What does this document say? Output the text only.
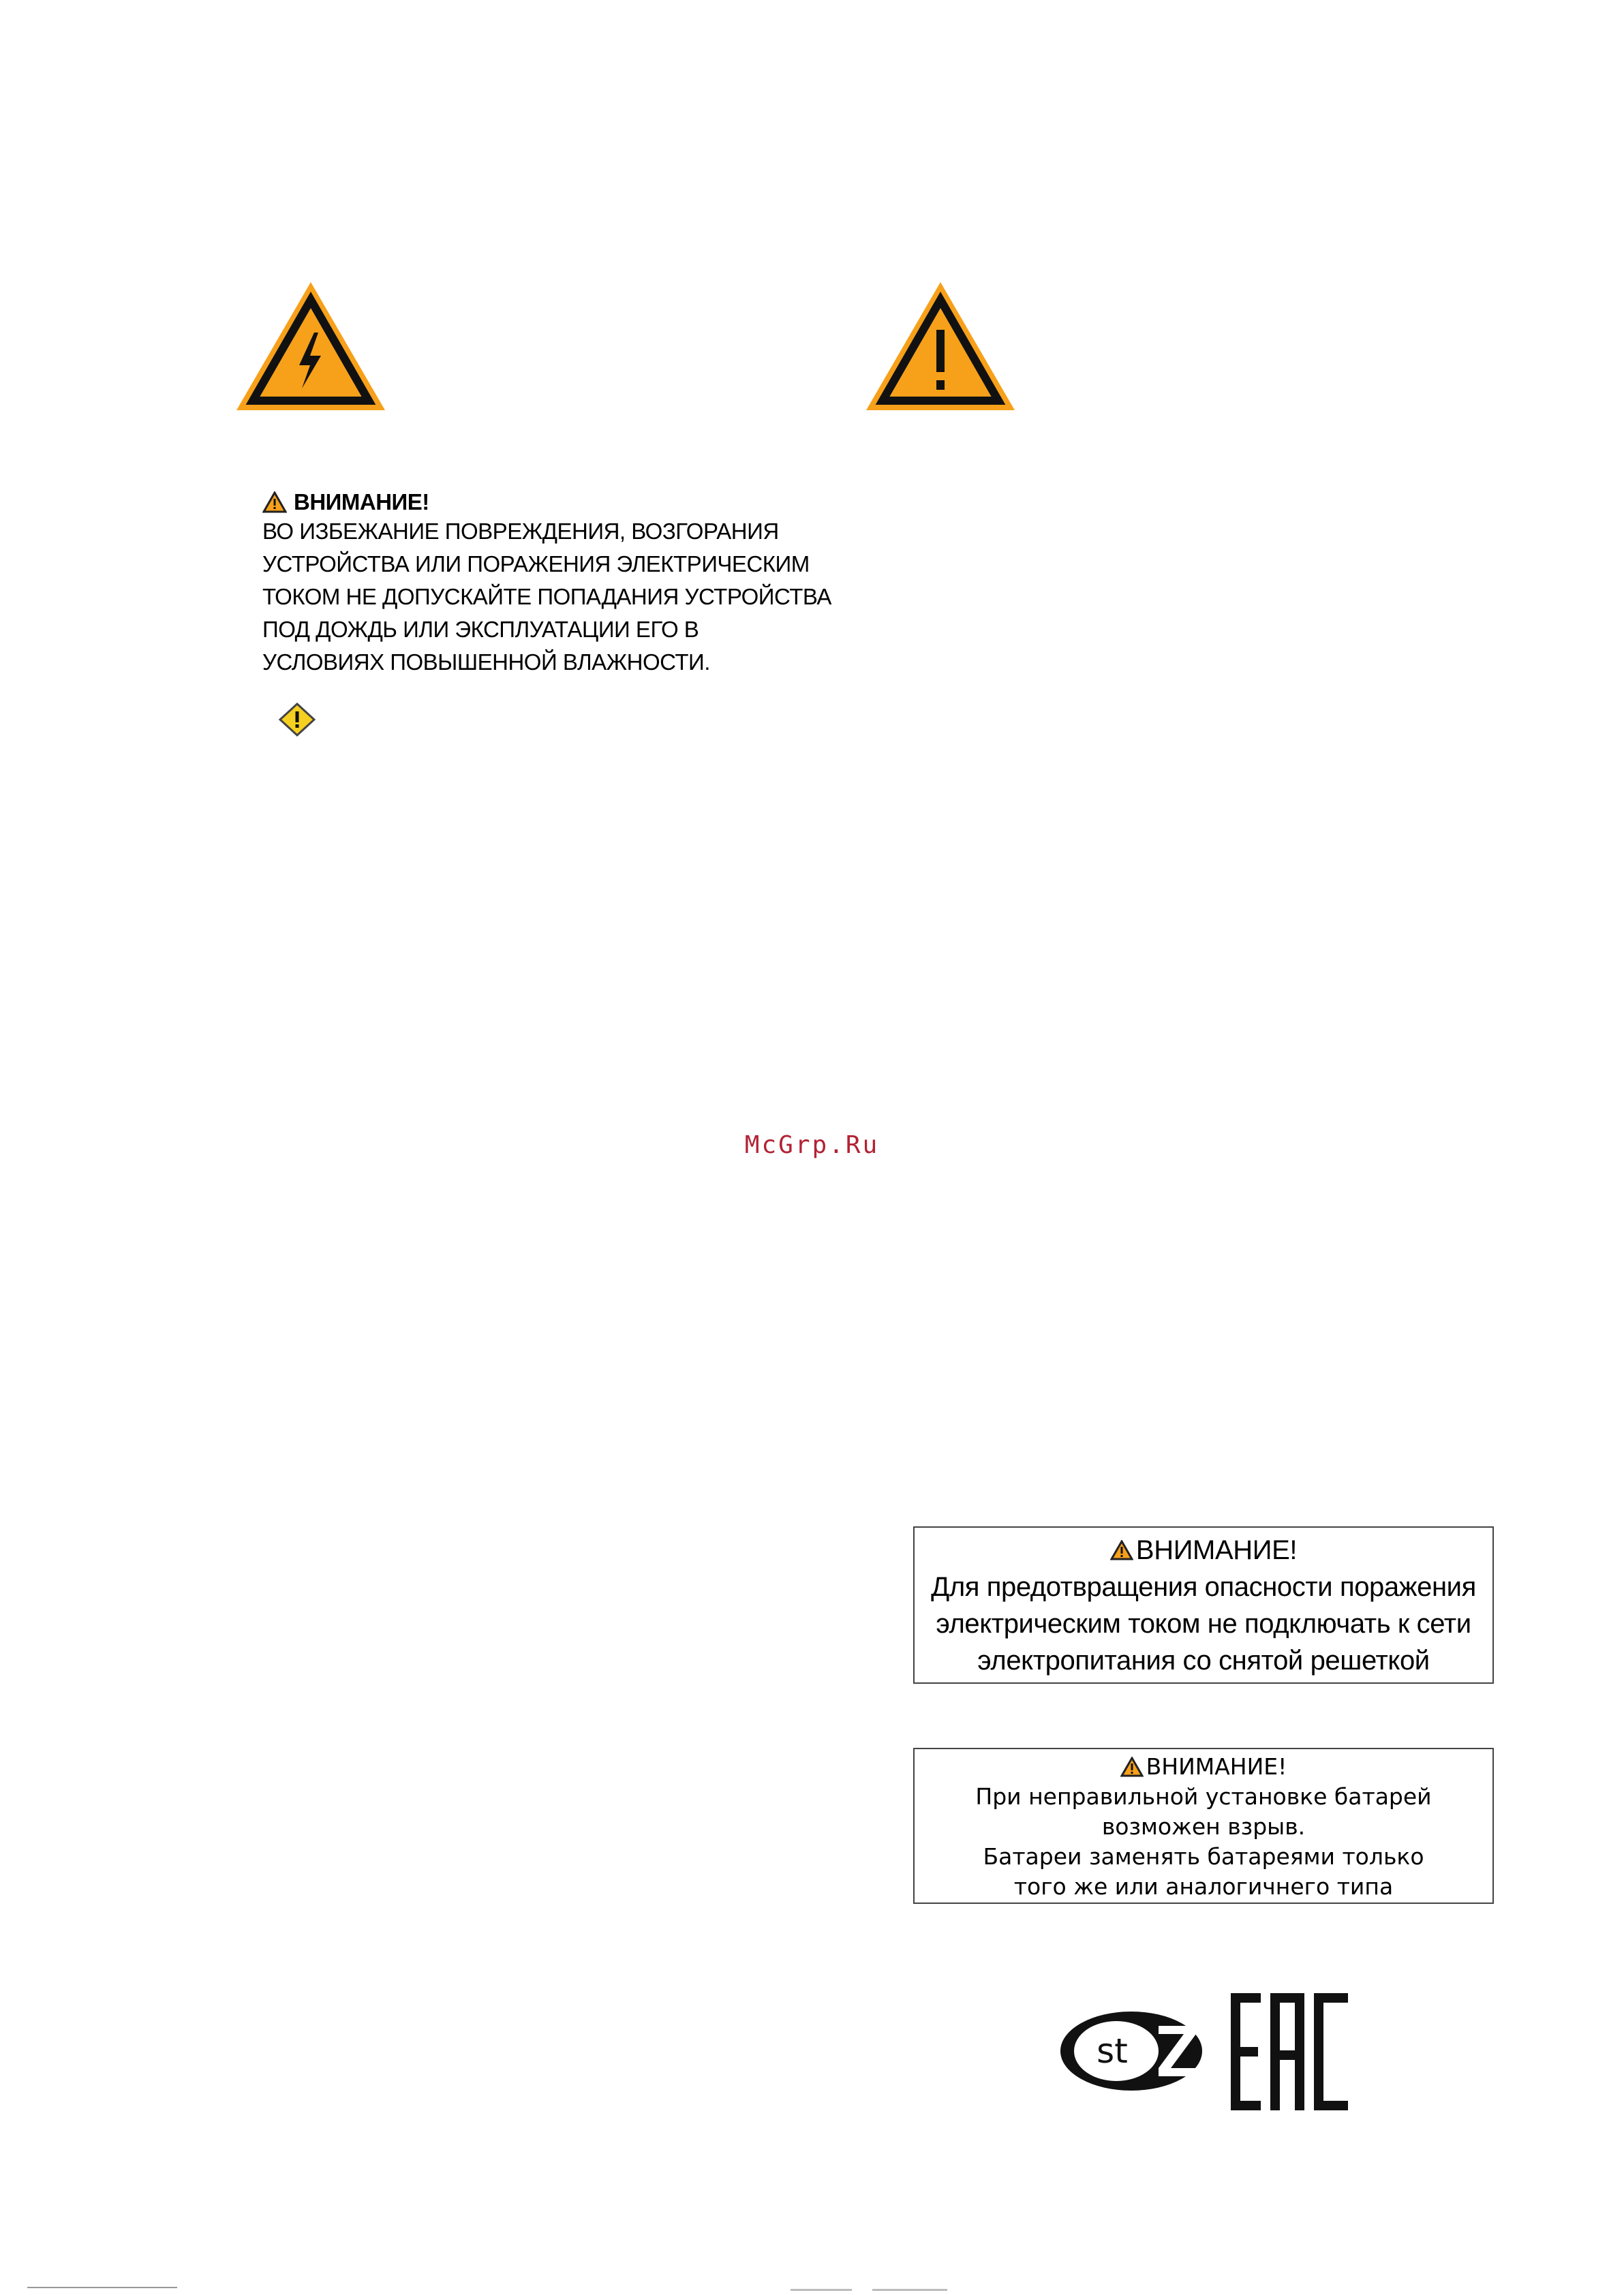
ВНИМАНИЕ!
ВО ИЗБЕЖАНИЕ ПОВРЕЖДЕНИЯ, ВОЗГОРАНИЯ
УСТРОЙСТВА ИЛИ ПОРАЖЕНИЯ ЭЛЕКТРИЧЕСКИМ
ТОКОМ НЕ ДОПУСКАЙТЕ ПОПАДАНИЯ УСТРОЙСТВА
ПОД ДОЖДЬ ИЛИ ЭКСПЛУАТАЦИИ ЕГО В
УСЛОВИЯХ ПОВЫШЕННОЙ ВЛАЖНОСТИ.
McGrp.Ru
ВНИМАНИЕ!
Для предотвращения опасности поражения
электрическим током не подключать к сети
электропитания со снятой решеткой
ВНИМАНИЕ!
При неправильной установке батарей
возможен взрыв.
Батареи заменять батареями только
того же или аналогичнего типа
st
